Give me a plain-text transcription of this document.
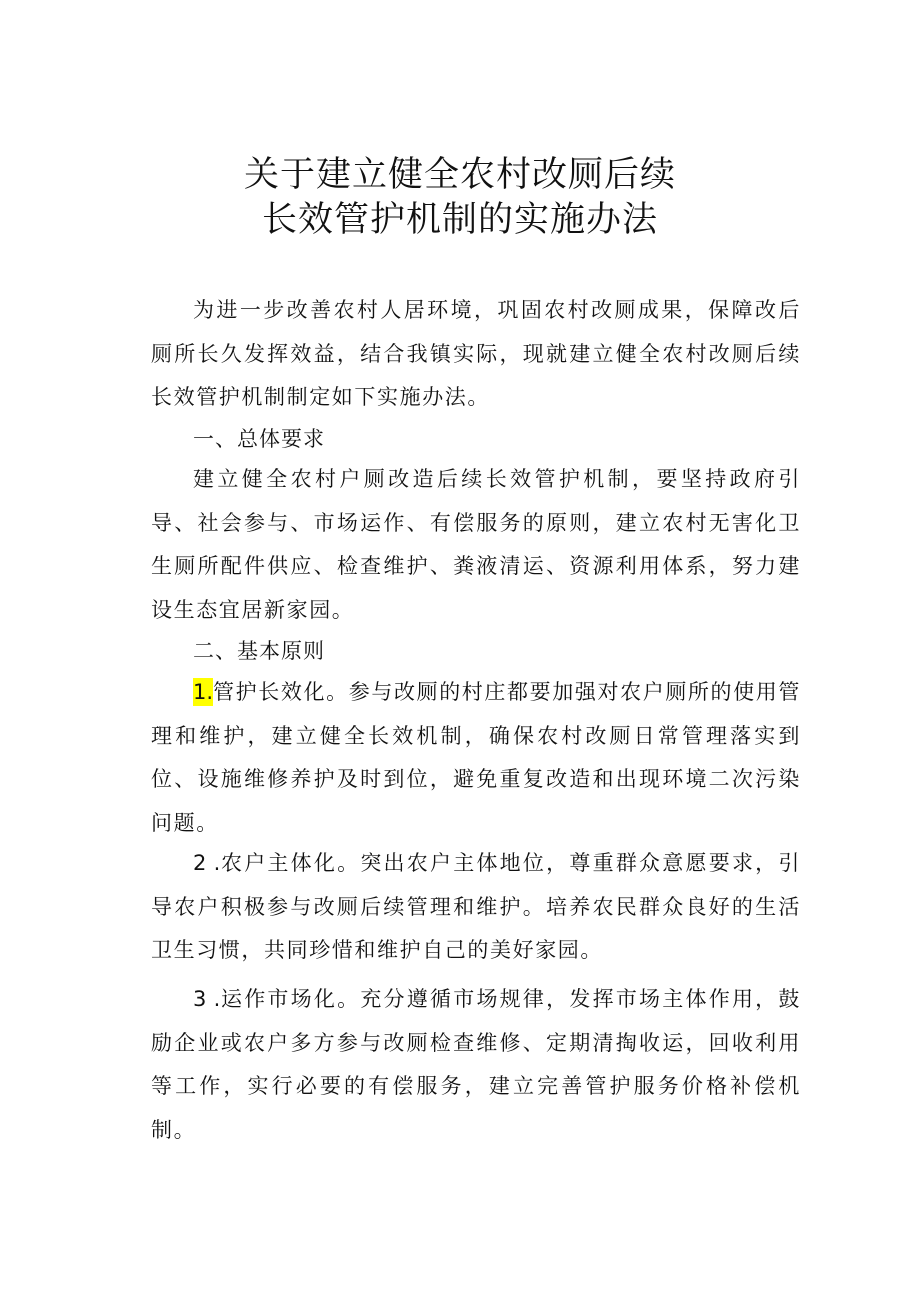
关于建立健全农村改厕后续
长效管护机制的实施办法

为进一步改善农村人居环境，巩固农村改厕成果，保障改后厕所长久发挥效益，结合我镇实际，现就建立健全农村改厕后续长效管护机制制定如下实施办法。

一、总体要求

建立健全农村户厕改造后续长效管护机制，要坚持政府引导、社会参与、市场运作、有偿服务的原则，建立农村无害化卫生厕所配件供应、检查维护、粪液清运、资源利用体系，努力建设生态宜居新家园。

二、基本原则

1.管护长效化。参与改厕的村庄都要加强对农户厕所的使用管理和维护，建立健全长效机制，确保农村改厕日常管理落实到位、设施维修养护及时到位，避免重复改造和出现环境二次污染问题。

2 .农户主体化。突出农户主体地位，尊重群众意愿要求，引导农户积极参与改厕后续管理和维护。培养农民群众良好的生活卫生习惯，共同珍惜和维护自己的美好家园。

3 .运作市场化。充分遵循市场规律，发挥市场主体作用，鼓励企业或农户多方参与改厕检查维修、定期清掏收运，回收利用等工作，实行必要的有偿服务，建立完善管护服务价格补偿机制。
